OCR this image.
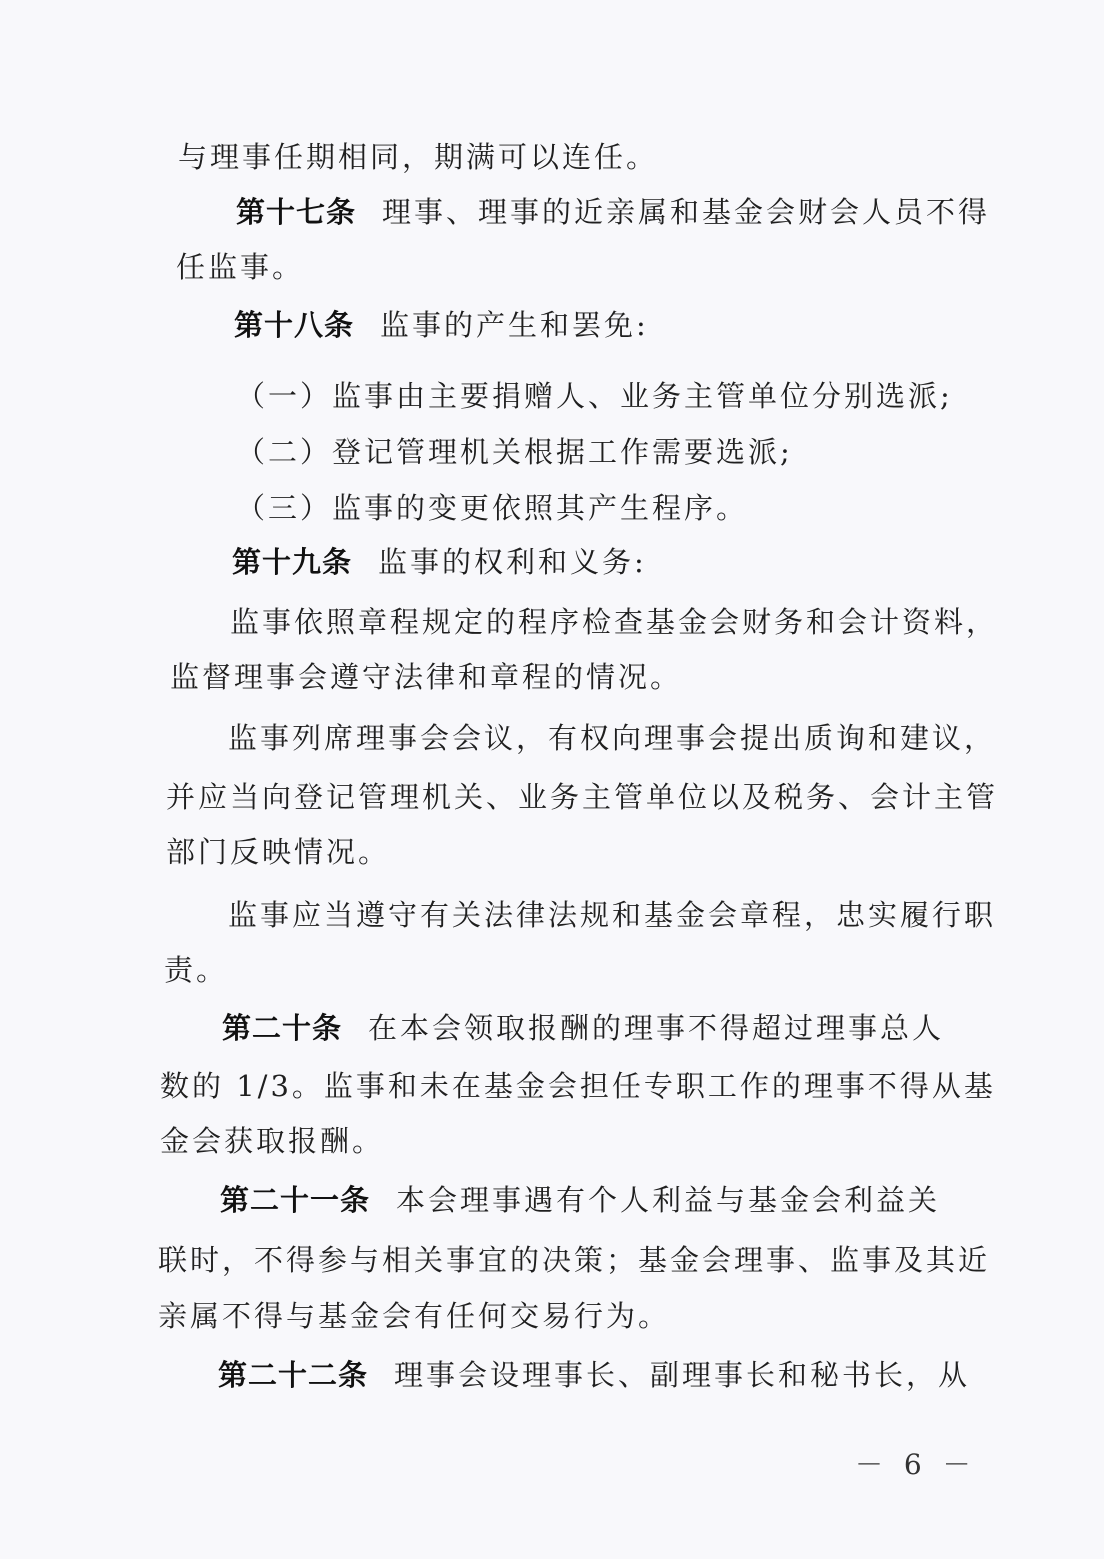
与理事任期相同，期满可以连任。
第十七条 理事、理事的近亲属和基金会财会人员不得
任监事。
第十八条 监事的产生和罢免:
（一）监事由主要捐赠人、业务主管单位分别选派;
（二）登记管理机关根据工作需要选派;
（三）监事的变更依照其产生程序。
第十九条 监事的权利和义务:
监事依照章程规定的程序检查基金会财务和会计资料，
监督理事会遵守法律和章程的情况。
监事列席理事会会议，有权向理事会提出质询和建议，
并应当向登记管理机关、业务主管单位以及税务、会计主管
部门反映情况。
监事应当遵守有关法律法规和基金会章程，忠实履行职
责。
第二十条 在本会领取报酬的理事不得超过理事总人
数的 1/3。监事和未在基金会担任专职工作的理事不得从基
金会获取报酬。
第二十一条 本会理事遇有个人利益与基金会利益关
联时，不得参与相关事宜的决策；基金会理事、监事及其近
亲属不得与基金会有任何交易行为。
第二十二条 理事会设理事长、副理事长和秘书长，从
－ 6 －
